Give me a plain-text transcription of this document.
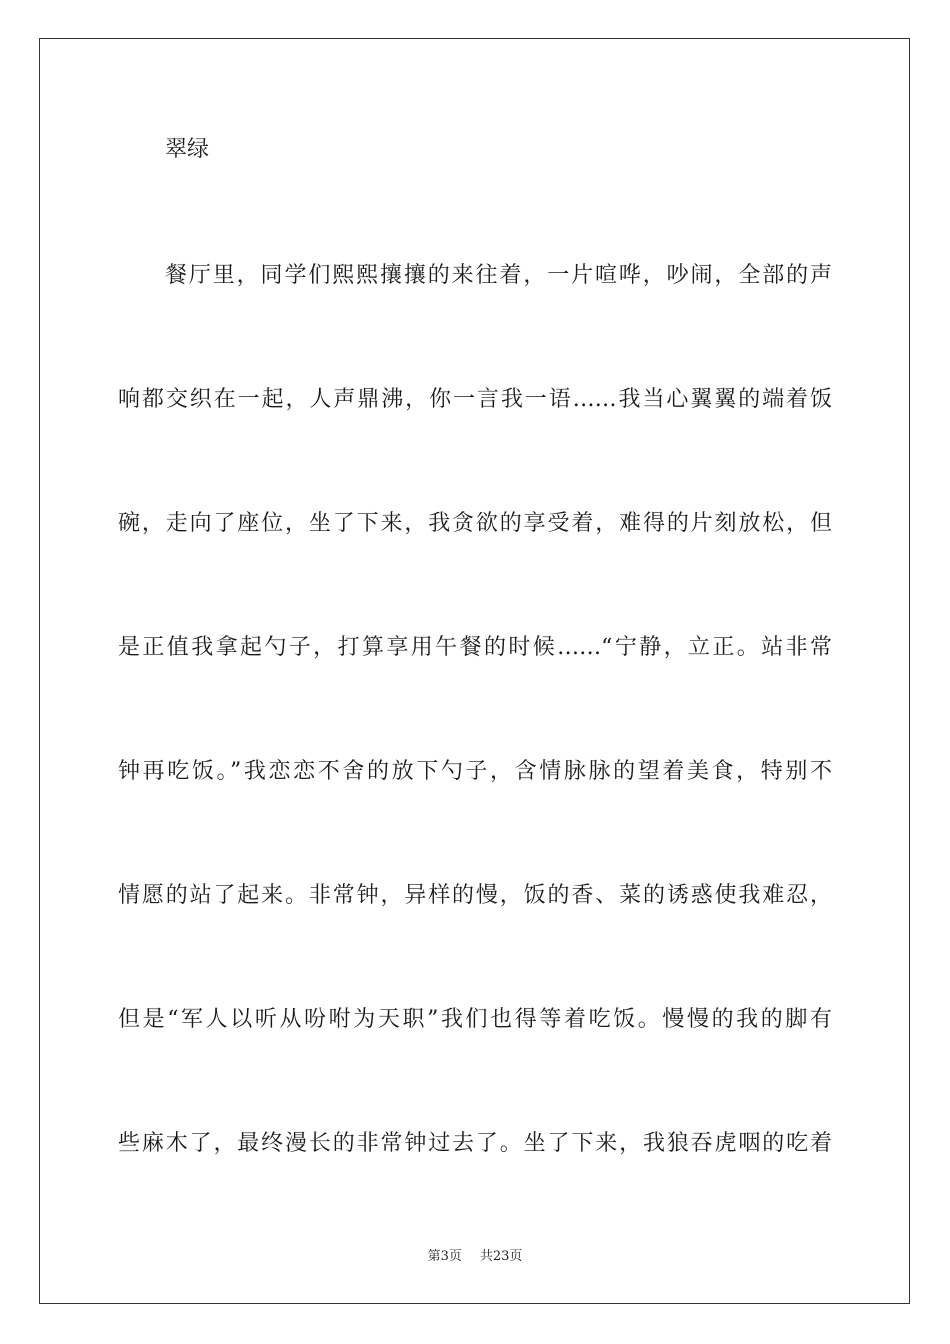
翠绿
餐厅里，同学们熙熙攘攘的来往着，一片喧哗，吵闹，全部的声
响都交织在一起，人声鼎沸，你一言我一语……我当心翼翼的端着饭
碗，走向了座位，坐了下来，我贪欲的享受着，难得的片刻放松，但
是正值我拿起勺子，打算享用午餐的时候……“宁静，立正。站非常
钟再吃饭。”我恋恋不舍的放下勺子，含情脉脉的望着美食，特别不
情愿的站了起来。非常钟，异样的慢，饭的香、菜的诱惑使我难忍，
但是“军人以听从吩咐为天职”我们也得等着吃饭。慢慢的我的脚有
些麻木了，最终漫长的非常钟过去了。坐了下来，我狼吞虎咽的吃着
第3页 共23页
